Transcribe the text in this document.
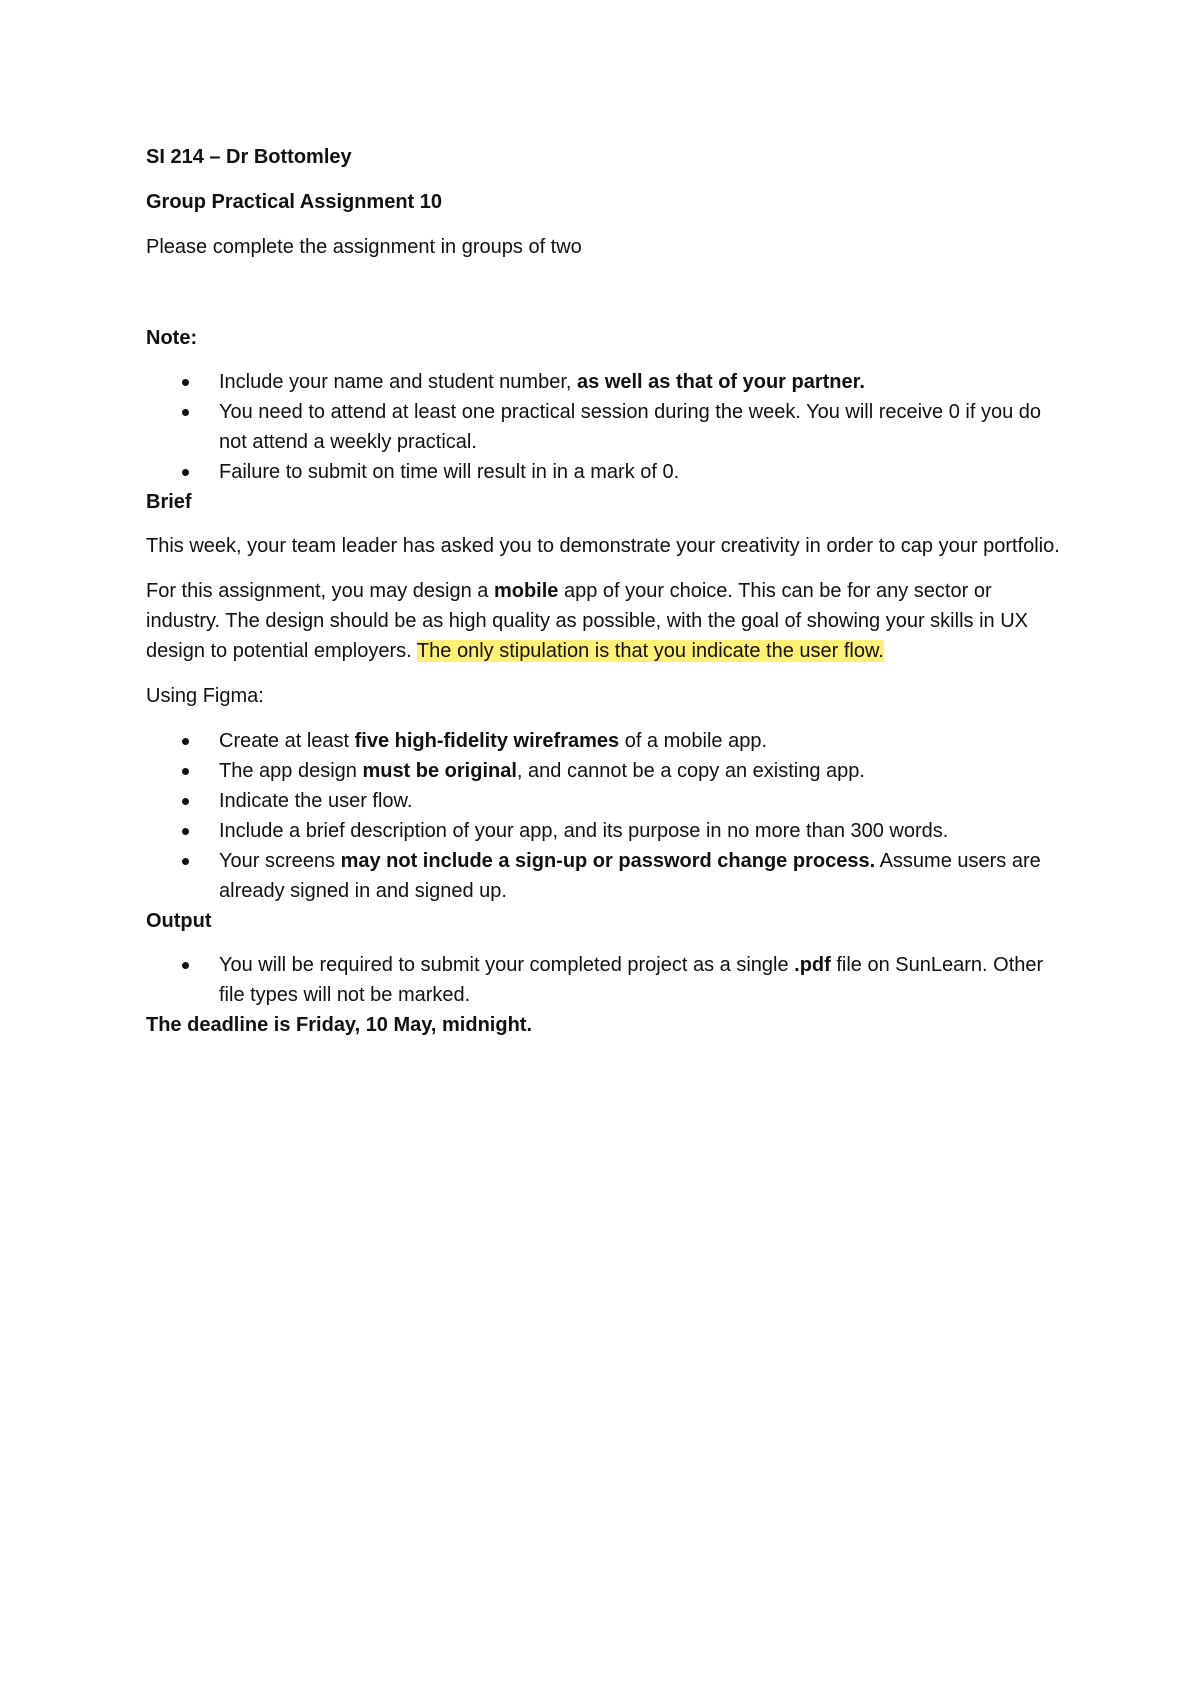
SI 214 – Dr Bottomley

Group Practical Assignment 10

Please complete the assignment in groups of two

Note:

Include your name and student number, as well as that of your partner.
You need to attend at least one practical session during the week. You will receive 0 if you do not attend a weekly practical.
Failure to submit on time will result in in a mark of 0.

Brief

This week, your team leader has asked you to demonstrate your creativity in order to cap your portfolio.

For this assignment, you may design a mobile app of your choice. This can be for any sector or industry. The design should be as high quality as possible, with the goal of showing your skills in UX design to potential employers. The only stipulation is that you indicate the user flow.

Using Figma:

Create at least five high-fidelity wireframes of a mobile app.
The app design must be original, and cannot be a copy an existing app.
Indicate the user flow.
Include a brief description of your app, and its purpose in no more than 300 words.
Your screens may not include a sign-up or password change process. Assume users are already signed in and signed up.

Output

You will be required to submit your completed project as a single .pdf file on SunLearn. Other file types will not be marked.

The deadline is Friday, 10 May, midnight.
